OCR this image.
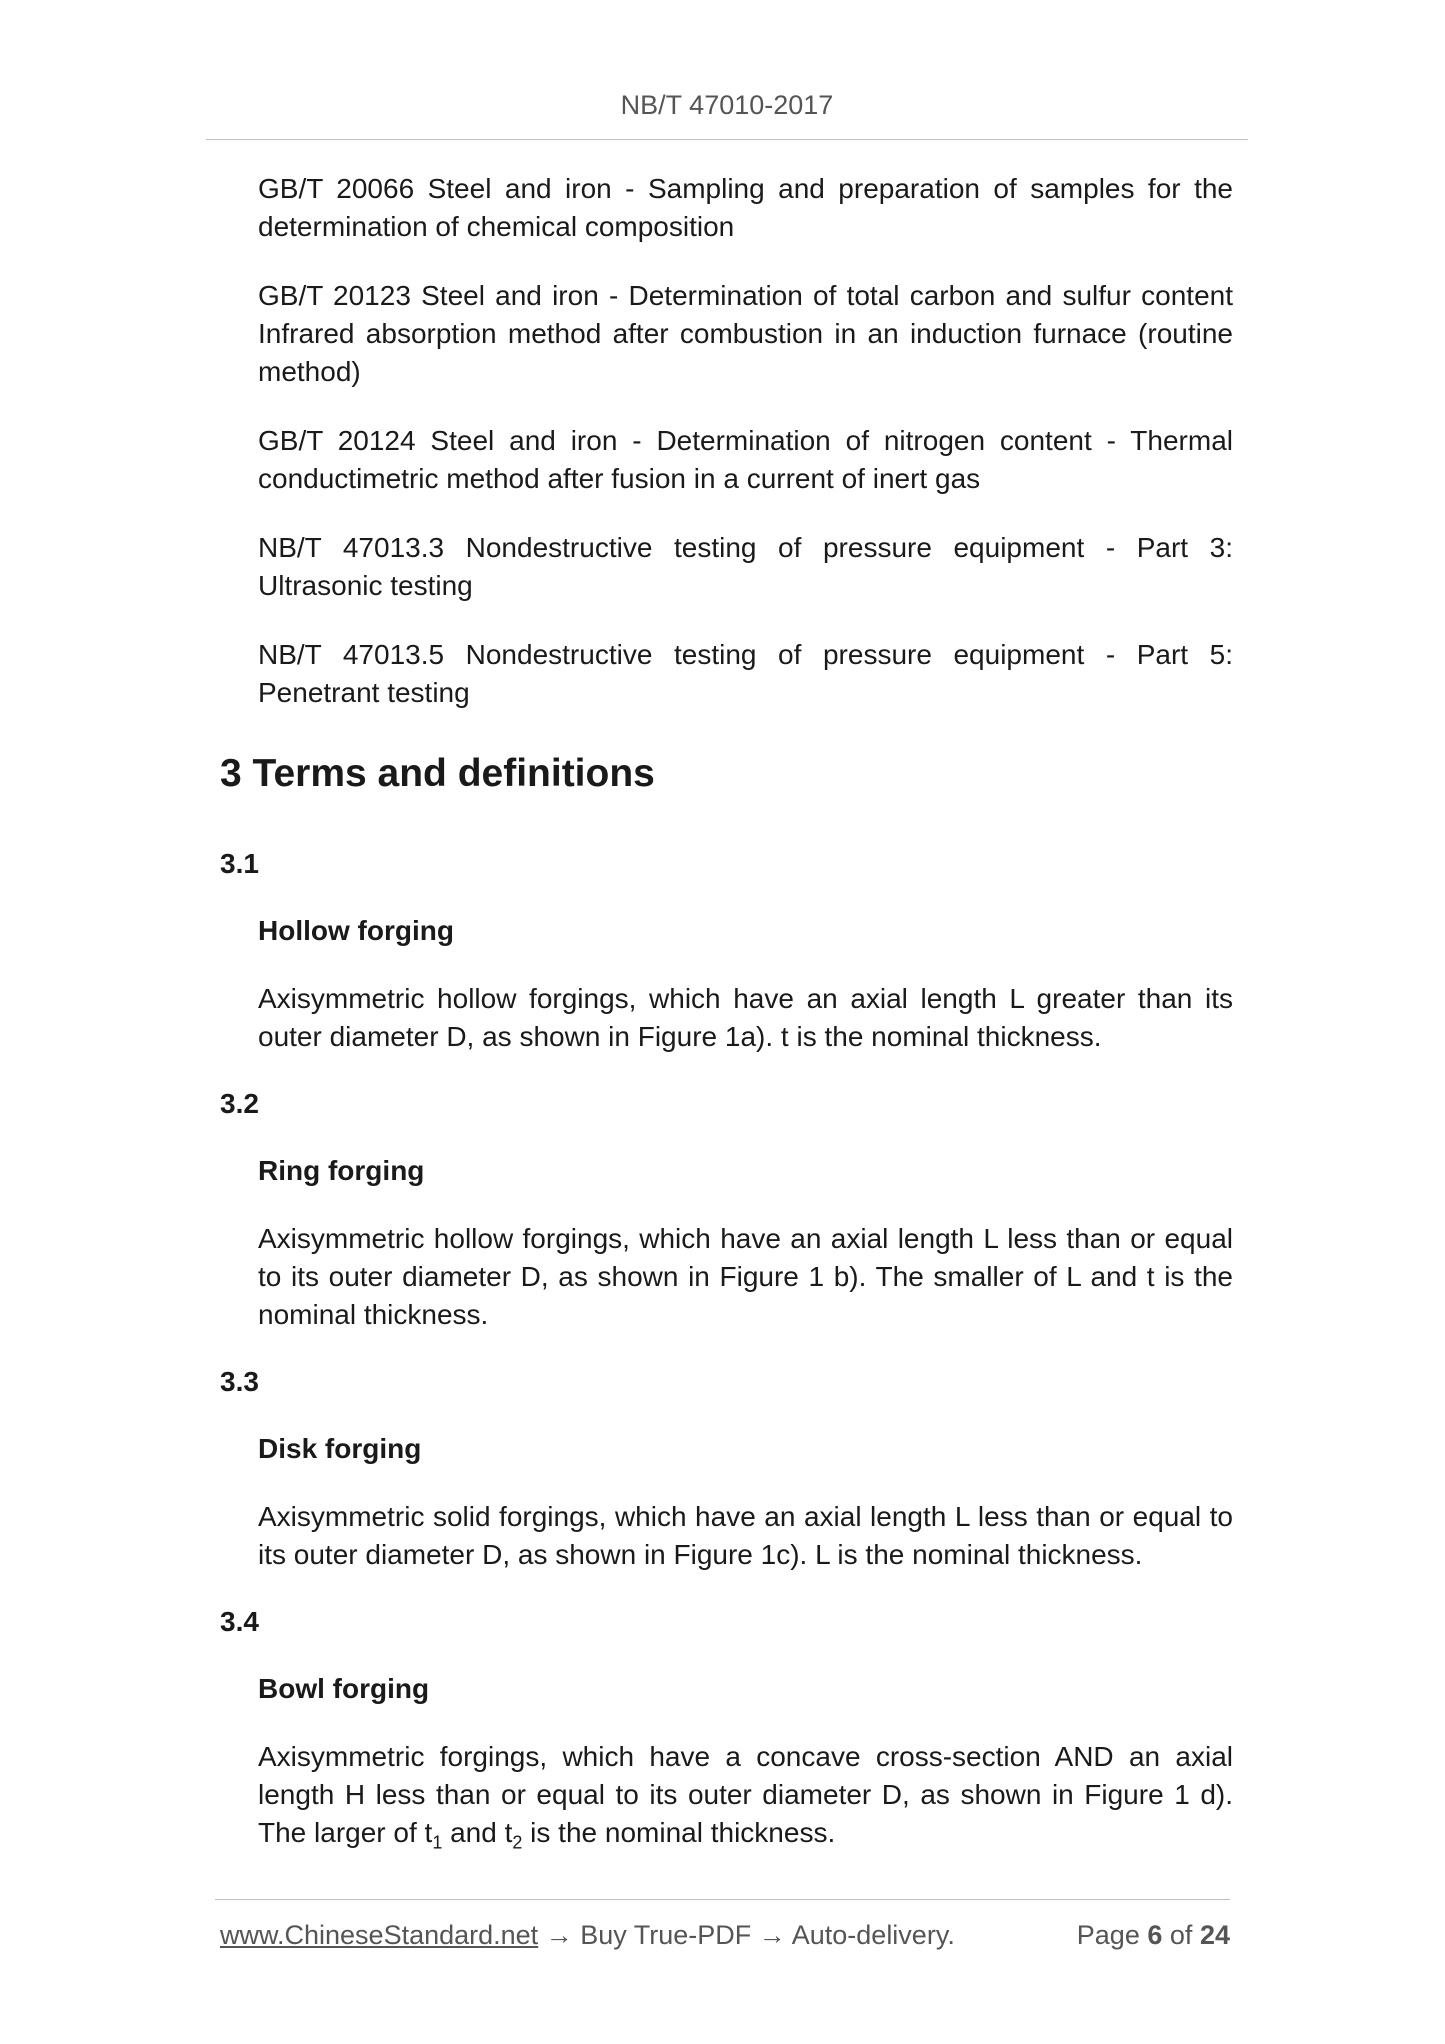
NB/T 47010-2017

GB/T 20066 Steel and iron - Sampling and preparation of samples for the determination of chemical composition

GB/T 20123 Steel and iron - Determination of total carbon and sulfur content Infrared absorption method after combustion in an induction furnace (routine method)

GB/T 20124 Steel and iron - Determination of nitrogen content - Thermal conductimetric method after fusion in a current of inert gas

NB/T 47013.3 Nondestructive testing of pressure equipment - Part 3: Ultrasonic testing

NB/T 47013.5 Nondestructive testing of pressure equipment - Part 5: Penetrant testing

3 Terms and definitions

3.1

Hollow forging

Axisymmetric hollow forgings, which have an axial length L greater than its outer diameter D, as shown in Figure 1a). t is the nominal thickness.

3.2

Ring forging

Axisymmetric hollow forgings, which have an axial length L less than or equal to its outer diameter D, as shown in Figure 1 b). The smaller of L and t is the nominal thickness.

3.3

Disk forging

Axisymmetric solid forgings, which have an axial length L less than or equal to its outer diameter D, as shown in Figure 1c). L is the nominal thickness.

3.4

Bowl forging

Axisymmetric forgings, which have a concave cross-section AND an axial length H less than or equal to its outer diameter D, as shown in Figure 1 d). The larger of $t_1$ and $t_2$ is the nominal thickness.

www.ChineseStandard.net → Buy True-PDF → Auto-delivery.	Page 6 of 24
